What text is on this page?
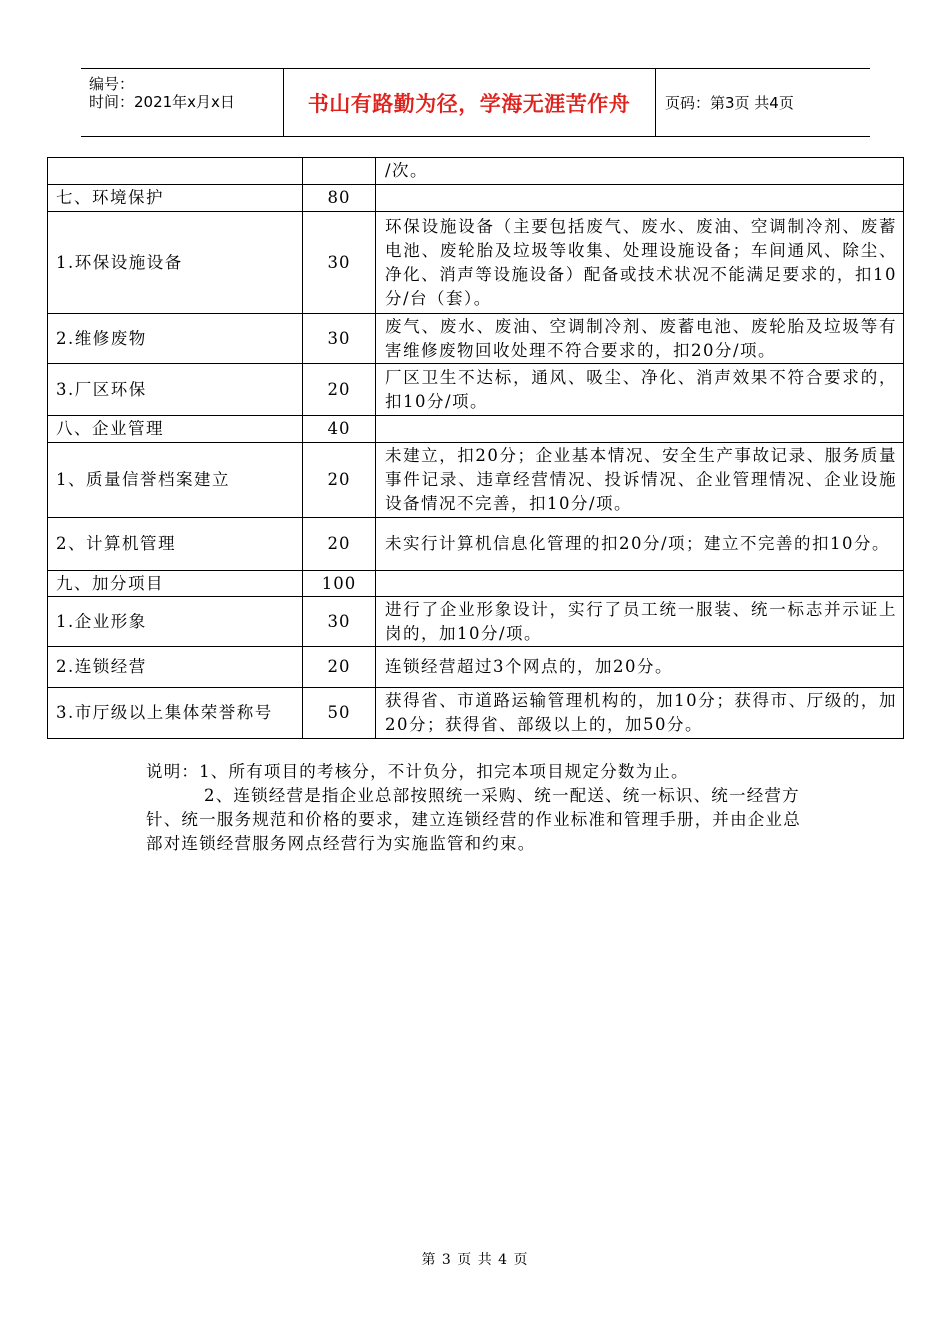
编号：
时间：2021年x月x日	书山有路勤为径，学海无涯苦作舟 页码：第3页 共4页
		/次。
七、环境保护	80	
1.环保设施设备	30	环保设施设备（主要包括废气、废水、废油、空调制冷剂、废蓄电池、废轮胎及垃圾等收集、处理设施设备；车间通风、除尘、净化、消声等设施设备）配备或技术状况不能满足要求的，扣10分/台（套）。
2.维修废物	30	废气、废水、废油、空调制冷剂、废蓄电池、废轮胎及垃圾等有害维修废物回收处理不符合要求的，扣20分/项。
3.厂区环保	20	厂区卫生不达标，通风、吸尘、净化、消声效果不符合要求的，扣10分/项。
八、企业管理	40	
1、质量信誉档案建立	20	未建立，扣20分；企业基本情况、安全生产事故记录、服务质量事件记录、违章经营情况、投诉情况、企业管理情况、企业设施设备情况不完善，扣10分/项。
2、计算机管理	20	未实行计算机信息化管理的扣20分/项；建立不完善的扣10分。
九、加分项目	100	
1.企业形象	30	进行了企业形象设计，实行了员工统一服装、统一标志并示证上岗的，加10分/项。
2.连锁经营	20	连锁经营超过3个网点的，加20分。
3.市厅级以上集体荣誉称号	50	获得省、市道路运输管理机构的，加10分；获得市、厅级的，加20分；获得省、部级以上的，加50分。

说明：1、所有项目的考核分，不计负分，扣完本项目规定分数为止。

2、连锁经营是指企业总部按照统一采购、统一配送、统一标识、统一经营方针、统一服务规范和价格的要求，建立连锁经营的作业标准和管理手册，并由企业总部对连锁经营服务网点经营行为实施监管和约束。

第 3 页 共 4 页
